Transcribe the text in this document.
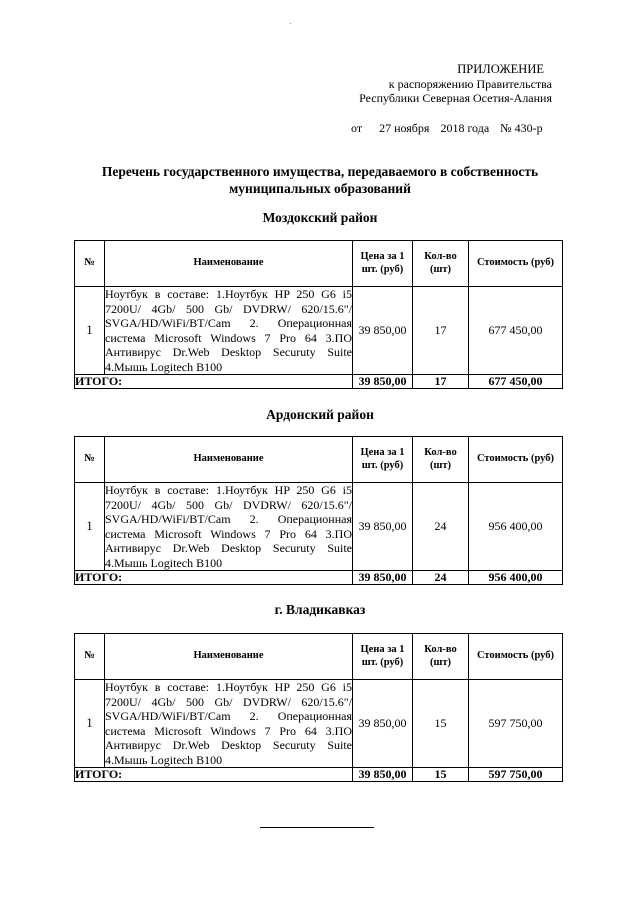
ПРИЛОЖЕНИЕ
к распоряжению Правительства
Республики Северная Осетия-Алания
от 27 ноября 2018 года № 430-р
Перечень государственного имущества, передаваемого в собственность
муниципальных образований
Моздокский район
№	Наименование	Цена за 1 шт. (руб)	Кол-во (шт)	Стоимость (руб)
1	Ноутбук в составе: 1.Ноутбук HP 250 G6 i5 7200U/ 4Gb/ 500 Gb/ DVDRW/ 620/15.6"/ SVGA/HD/WiFi/BT/Cam 2. Операционная система Microsoft Windows 7 Pro 64 3.ПО Антивирус Dr.Web Desktop Securuty Suite 4.Мышь Logitech B100	39 850,00	17	677 450,00
ИТОГО:		39 850,00	17	677 450,00
Ардонский район
№	Наименование	Цена за 1 шт. (руб)	Кол-во (шт)	Стоимость (руб)
1	Ноутбук в составе: 1.Ноутбук HP 250 G6 i5 7200U/ 4Gb/ 500 Gb/ DVDRW/ 620/15.6"/ SVGA/HD/WiFi/BT/Cam 2. Операционная система Microsoft Windows 7 Pro 64 3.ПО Антивирус Dr.Web Desktop Securuty Suite 4.Мышь Logitech B100	39 850,00	24	956 400,00
ИТОГО:		39 850,00	24	956 400,00
г. Владикавказ
№	Наименование	Цена за 1 шт. (руб)	Кол-во (шт)	Стоимость (руб)
1	Ноутбук в составе: 1.Ноутбук HP 250 G6 i5 7200U/ 4Gb/ 500 Gb/ DVDRW/ 620/15.6"/ SVGA/HD/WiFi/BT/Cam 2. Операционная система Microsoft Windows 7 Pro 64 3.ПО Антивирус Dr.Web Desktop Securuty Suite 4.Мышь Logitech B100	39 850,00	15	597 750,00
ИТОГО:		39 850,00	15	597 750,00
